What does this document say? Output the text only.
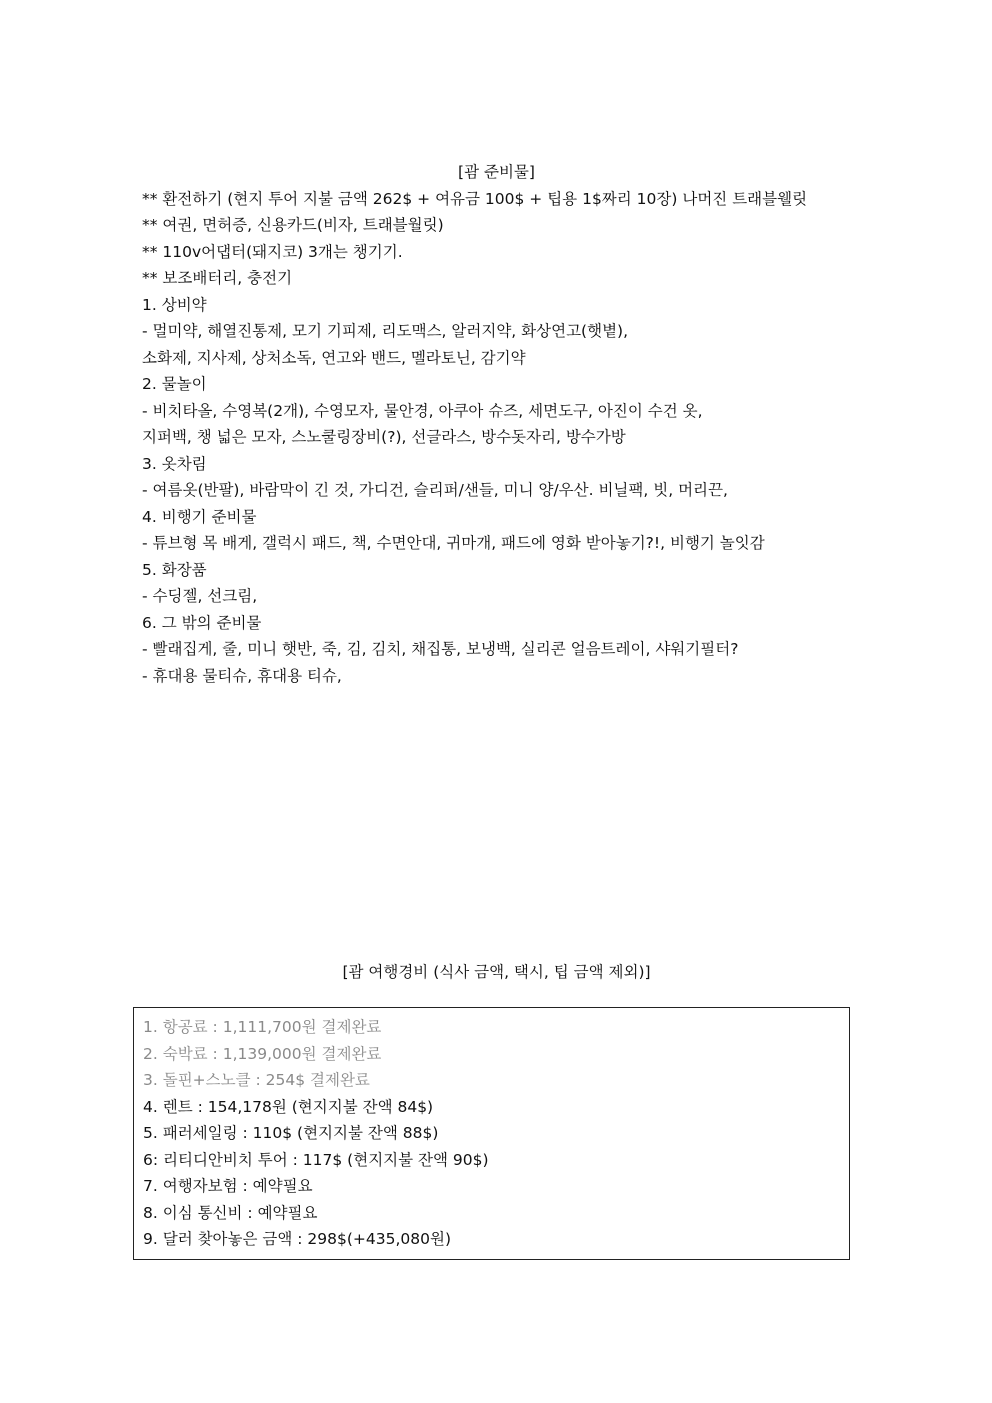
[괌 준비물]
** 환전하기 (현지 투어 지불 금액 262$ + 여유금 100$ + 팁용 1$짜리 10장) 나머진 트래블웰릿
** 여권, 면허증, 신용카드(비자, 트래블월릿)
** 110v어댑터(돼지코) 3개는 챙기기.
** 보조배터리, 충전기
1. 상비약
- 멀미약, 해열진통제, 모기 기피제, 리도맥스, 알러지약, 화상연고(햇볕),
소화제, 지사제, 상처소독, 연고와 밴드, 멜라토닌, 감기약
2. 물놀이
- 비치타올, 수영복(2개), 수영모자, 물안경, 아쿠아 슈즈, 세면도구, 아진이 수건 옷,
지퍼백, 챙 넓은 모자, 스노쿨링장비(?), 선글라스, 방수돗자리, 방수가방
3. 옷차림
- 여름옷(반팔), 바람막이 긴 것, 가디건, 슬리퍼/샌들, 미니 양/우산. 비닐팩, 빗, 머리끈,
4. 비행기 준비물
- 튜브형 목 배게, 갤럭시 패드, 책, 수면안대, 귀마개, 패드에 영화 받아놓기?!, 비행기 놀잇감
5. 화장품
- 수딩젤, 선크림,
6. 그 밖의 준비물
- 빨래집게, 줄, 미니 햇반, 죽, 김, 김치, 채집통, 보냉백, 실리콘 얼음트레이, 샤워기필터?
- 휴대용 물티슈, 휴대용 티슈,
[괌 여행경비 (식사 금액, 택시, 팁 금액 제외)]
1. 항공료 : 1,111,700원 결제완료
2. 숙박료 : 1,139,000원 결제완료
3. 돌핀+스노클 : 254$ 결제완료
4. 렌트 : 154,178원 (현지지불 잔액 84$)
5. 패러세일링 : 110$ (현지지불 잔액 88$)
6: 리티디안비치 투어 : 117$ (현지지불 잔액 90$)
7. 여행자보험 : 예약필요
8. 이심 통신비 : 예약필요
9. 달러 찾아놓은 금액 : 298$(+435,080원)
